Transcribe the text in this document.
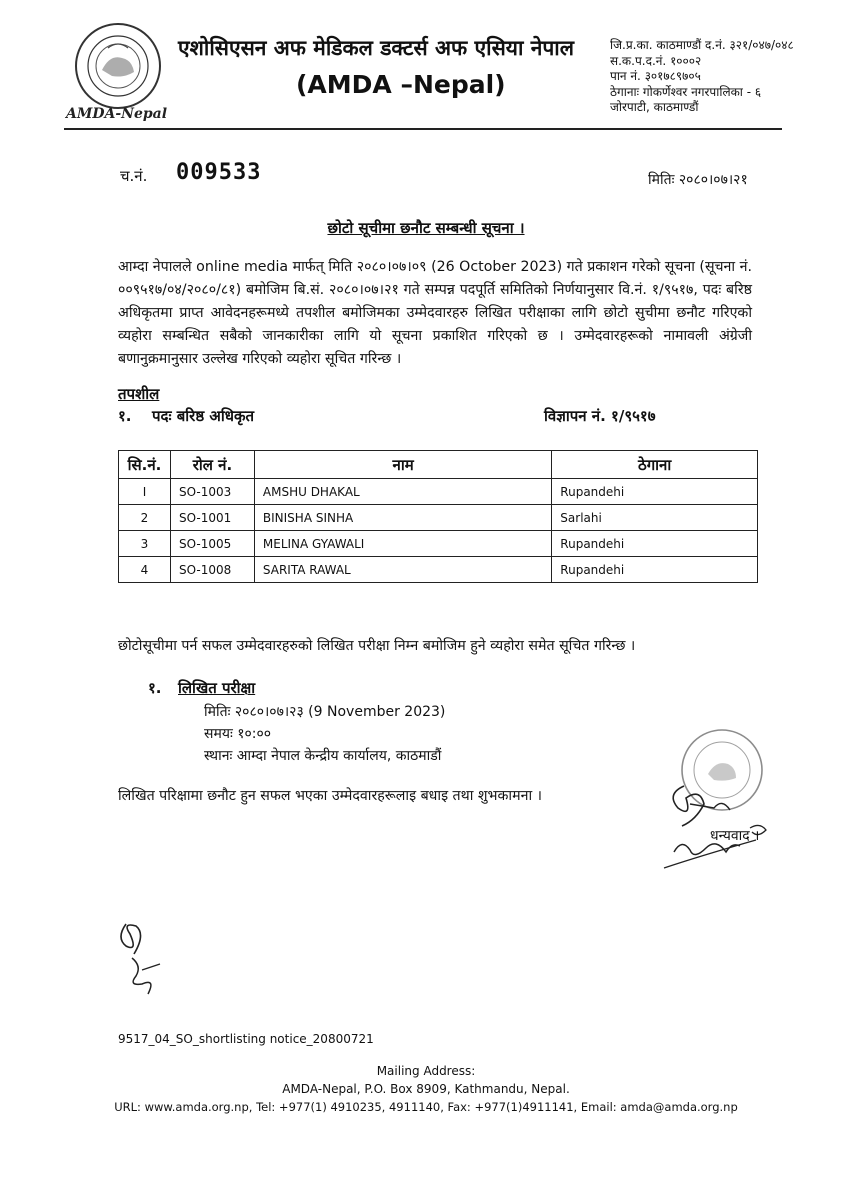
AMDA-Nepal
एशोसिएसन अफ मेडिकल डक्टर्स अफ एसिया नेपाल
(AMDA –Nepal)
जि.प्र.का. काठमाण्डौं द.नं. ३२१/०४७/०४८
स.क.प.द.नं. १०००२
पान नं. ३०१७८९७०५
ठेगानाः गोकर्णेश्वर नगरपालिका - ६
जोरपाटी, काठमाण्डौं
च.नं. 009533	मितिः २०८०।०७।२१
छोटो सूचीमा छनौट सम्बन्धी सूचना ।
आम्दा नेपालले online media मार्फत् मिति २०८०।०७।०९ (26 October 2023) गते प्रकाशन गरेको सूचना (सूचना नं. ००९५१७/०४/२०८०/८१) बमोजिम बि.सं. २०८०।०७।२१ गते सम्पन्न पदपूर्ति समितिको निर्णयानुसार वि.नं. १/९५१७, पदः बरिष्ठ अधिकृतमा प्राप्त आवेदनहरूमध्ये तपशील बमोजिमका उम्मेदवारहरु लिखित परीक्षाका लागि छोटो सुचीमा छनौट गरिएको व्यहोरा सम्बन्धित सबैको जानकारीका लागि यो सूचना प्रकाशित गरिएको छ । उम्मेदवारहरूको नामावली अंग्रेजी बणानुक्रमानुसार उल्लेख गरिएको व्यहोरा सूचित गरिन्छ ।
तपशील
१. पदः बरिष्ठ अधिकृत	विज्ञापन नं. १/९५१७
सि.नं.	रोल नं.	नाम	ठेगाना
I	SO-1003	AMSHU DHAKAL	Rupandehi
2	SO-1001	BINISHA SINHA	Sarlahi
3	SO-1005	MELINA GYAWALI	Rupandehi
4	SO-1008	SARITA RAWAL	Rupandehi
छोटोसूचीमा पर्न सफल उम्मेदवारहरुको लिखित परीक्षा निम्न बमोजिम हुने व्यहोरा समेत सूचित गरिन्छ ।
१. लिखित परीक्षा
मितिः २०८०।०७।२३ (9 November 2023)
समयः १०:००
स्थानः आम्दा नेपाल केन्द्रीय कार्यालय, काठमाडौं
लिखित परिक्षामा छनौट हुन सफल भएका उम्मेदवारहरूलाइ बधाइ तथा शुभकामना ।
धन्यवाद ।
9517_04_SO_shortlisting notice_20800721
Mailing Address:
AMDA-Nepal, P.O. Box 8909, Kathmandu, Nepal.
URL: www.amda.org.np, Tel: +977(1) 4910235, 4911140, Fax: +977(1)4911141, Email: amda@amda.org.np
